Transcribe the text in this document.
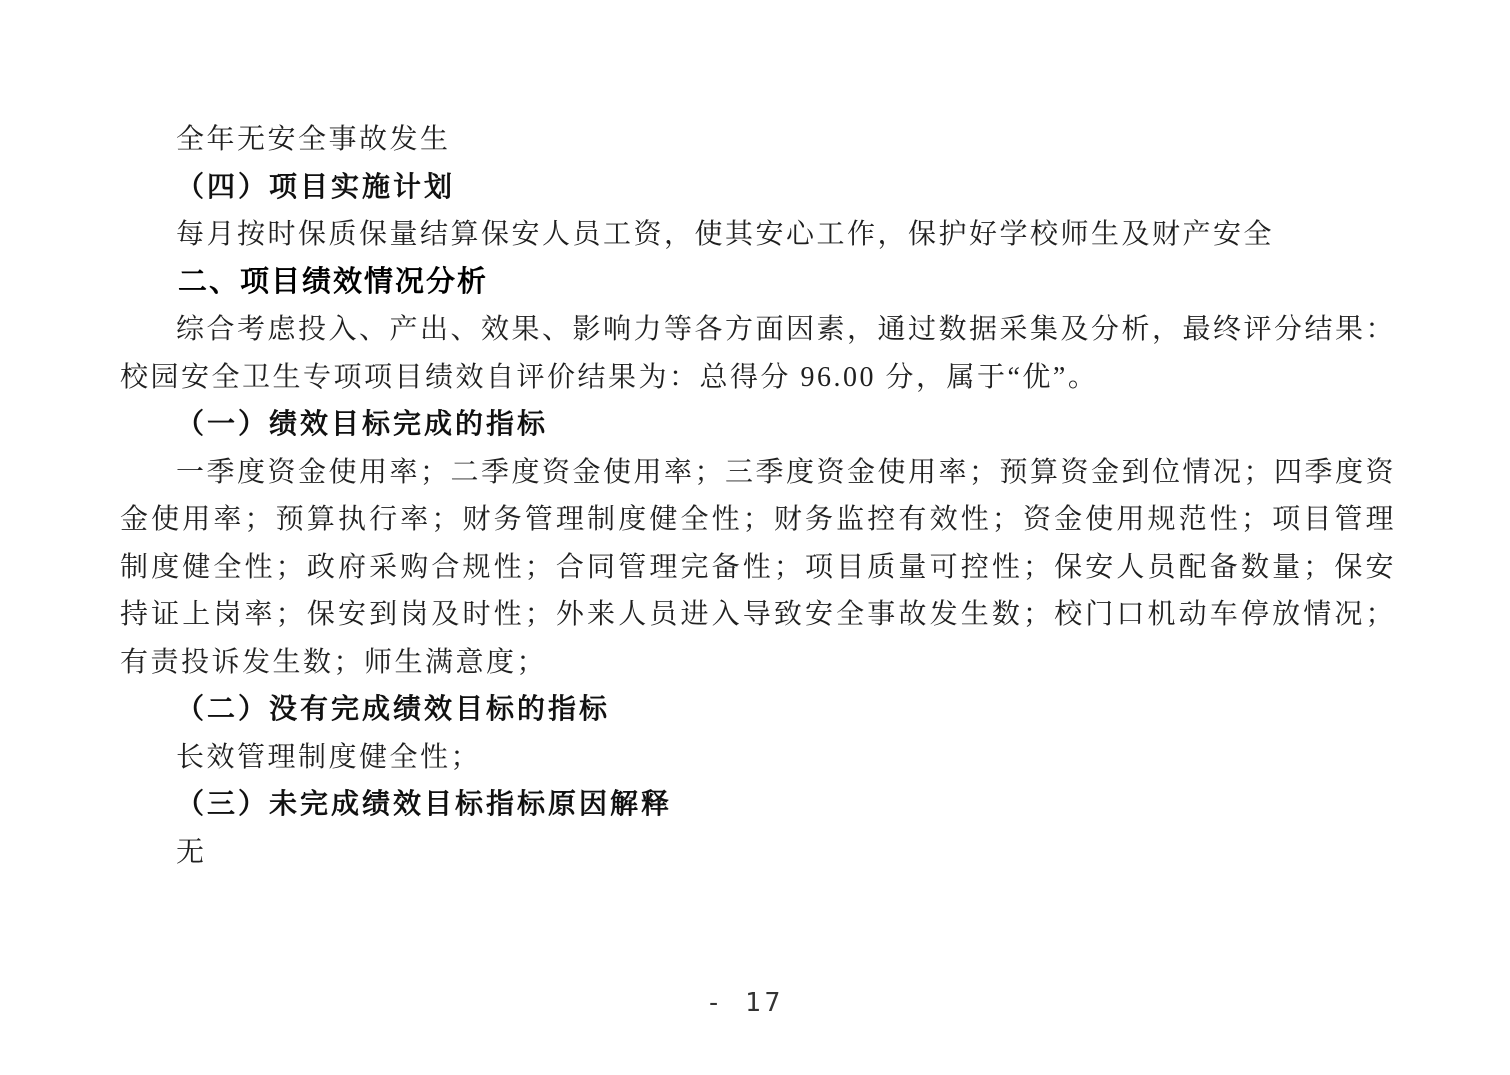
全年无安全事故发生

（四）项目实施计划

每月按时保质保量结算保安人员工资，使其安心工作，保护好学校师生及财产安全

二、项目绩效情况分析

综合考虑投入、产出、效果、影响力等各方面因素，通过数据采集及分析，最终评分结果：校园安全卫生专项项目绩效自评价结果为：总得分 96.00 分，属于“优”。

（一）绩效目标完成的指标

一季度资金使用率；二季度资金使用率；三季度资金使用率；预算资金到位情况；四季度资金使用率；预算执行率；财务管理制度健全性；财务监控有效性；资金使用规范性；项目管理制度健全性；政府采购合规性；合同管理完备性；项目质量可控性；保安人员配备数量；保安持证上岗率；保安到岗及时性；外来人员进入导致安全事故发生数；校门口机动车停放情况；有责投诉发生数；师生满意度；

（二）没有完成绩效目标的指标

长效管理制度健全性；

（三）未完成绩效目标指标原因解释

无

- 17
